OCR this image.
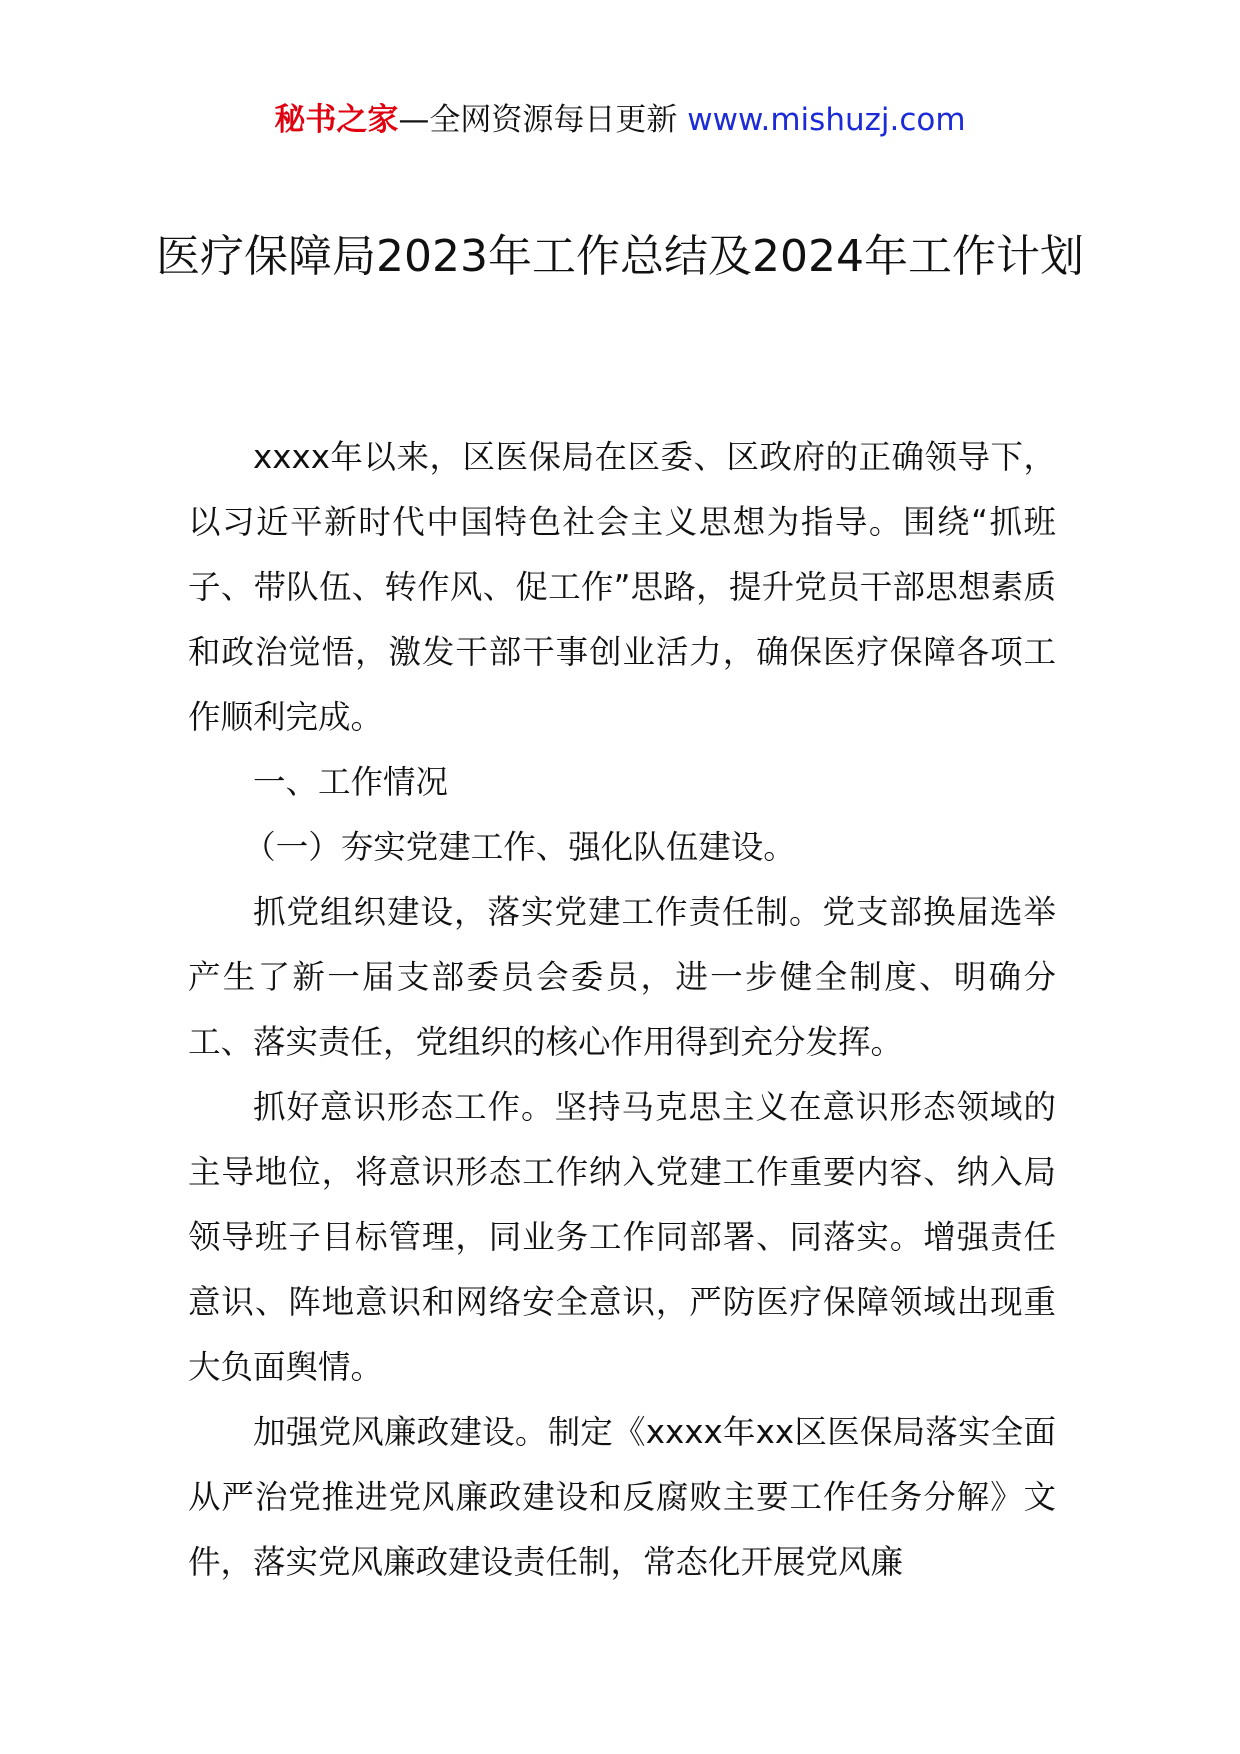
秘书之家—全网资源每日更新 www.mishuzj.com
医疗保障局2023年工作总结及2024年工作计划

xxxx年以来，区医保局在区委、区政府的正确领导下，以习近平新时代中国特色社会主义思想为指导。围绕“抓班子、带队伍、转作风、促工作”思路，提升党员干部思想素质和政治觉悟，激发干部干事创业活力，确保医疗保障各项工作顺利完成。

一、工作情况

（一）夯实党建工作、强化队伍建设。

抓党组织建设，落实党建工作责任制。党支部换届选举产生了新一届支部委员会委员，进一步健全制度、明确分工、落实责任，党组织的核心作用得到充分发挥。

抓好意识形态工作。坚持马克思主义在意识形态领域的主导地位，将意识形态工作纳入党建工作重要内容、纳入局领导班子目标管理，同业务工作同部署、同落实。增强责任意识、阵地意识和网络安全意识，严防医疗保障领域出现重大负面舆情。

加强党风廉政建设。制定《xxxx年xx区医保局落实全面从严治党推进党风廉政建设和反腐败主要工作任务分解》文件，落实党风廉政建设责任制，常态化开展党风廉
